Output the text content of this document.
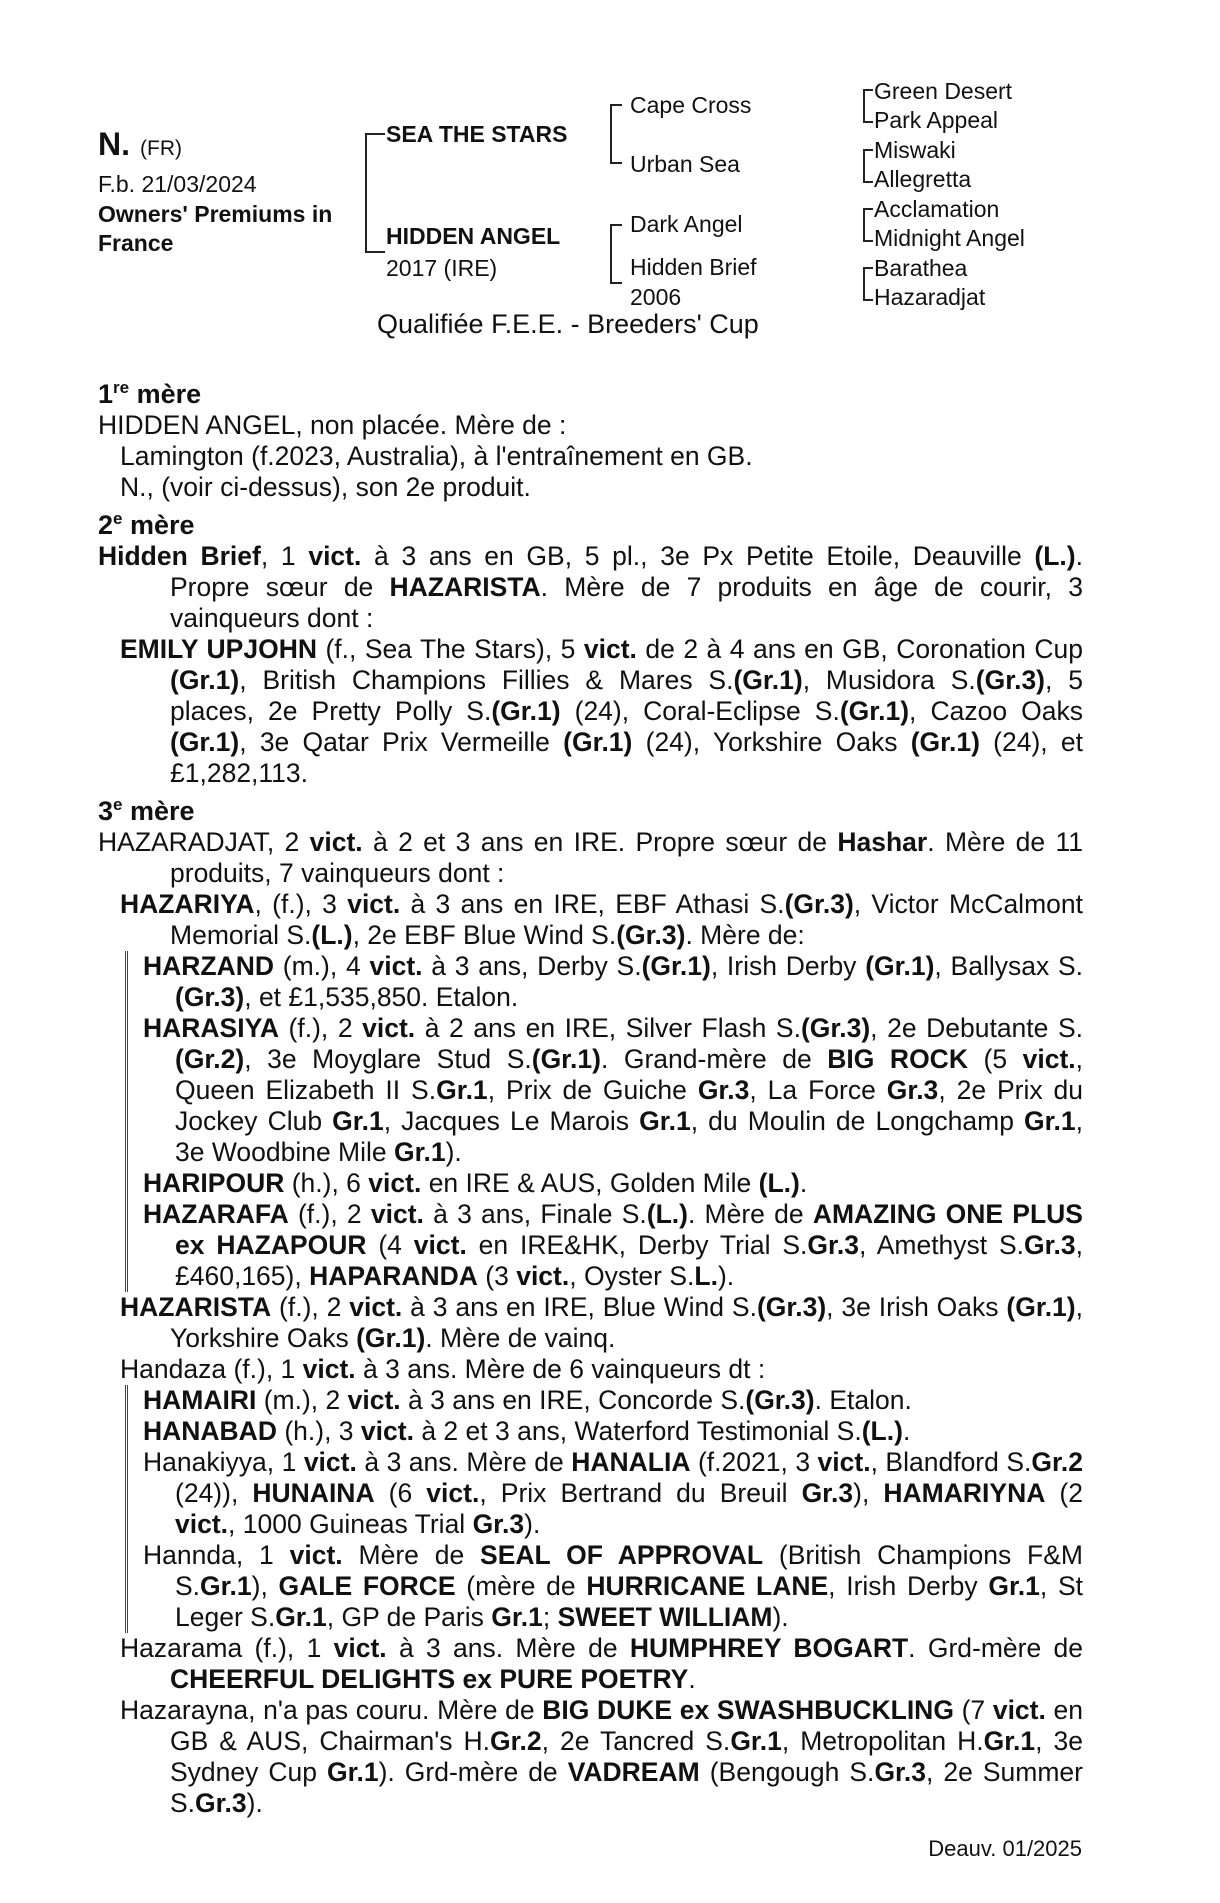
N. (FR)
F.b. 21/03/2024
Owners' Premiums in
France
SEA THE STARS
HIDDEN ANGEL
2017 (IRE)
Cape Cross
Urban Sea
Dark Angel
Hidden Brief
2006
Green Desert
Park Appeal
Miswaki
Allegretta
Acclamation
Midnight Angel
Barathea
Hazaradjat
Qualifiée F.E.E. - Breeders' Cup
1re mère
HIDDEN ANGEL, non placée. Mère de :
Lamington (f.2023, Australia), à l'entraînement en GB.
N., (voir ci-dessus), son 2e produit.
2e mère
Hidden Brief, 1 vict. à 3 ans en GB, 5 pl., 3e Px Petite Etoile, Deauville (L.). Propre sœur de HAZARISTA. Mère de 7 produits en âge de courir, 3 vainqueurs dont :
EMILY UPJOHN (f., Sea The Stars), 5 vict. de 2 à 4 ans en GB, Coronation Cup (Gr.1), British Champions Fillies & Mares S.(Gr.1), Musidora S.(Gr.3), 5 places, 2e Pretty Polly S.(Gr.1) (24), Coral-Eclipse S.(Gr.1), Cazoo Oaks (Gr.1), 3e Qatar Prix Vermeille (Gr.1) (24), Yorkshire Oaks (Gr.1) (24), et £1,282,113.
3e mère
HAZARADJAT, 2 vict. à 2 et 3 ans en IRE. Propre sœur de Hashar. Mère de 11 produits, 7 vainqueurs dont :
HAZARIYA, (f.), 3 vict. à 3 ans en IRE, EBF Athasi S.(Gr.3), Victor McCalmont Memorial S.(L.), 2e EBF Blue Wind S.(Gr.3). Mère de:
HARZAND (m.), 4 vict. à 3 ans, Derby S.(Gr.1), Irish Derby (Gr.1), Ballysax S.(Gr.3), et £1,535,850. Etalon.
HARASIYA (f.), 2 vict. à 2 ans en IRE, Silver Flash S.(Gr.3), 2e Debutante S.(Gr.2), 3e Moyglare Stud S.(Gr.1). Grand-mère de BIG ROCK (5 vict., Queen Elizabeth II S.Gr.1, Prix de Guiche Gr.3, La Force Gr.3, 2e Prix du Jockey Club Gr.1, Jacques Le Marois Gr.1, du Moulin de Longchamp Gr.1, 3e Woodbine Mile Gr.1).
HARIPOUR (h.), 6 vict. en IRE & AUS, Golden Mile (L.).
HAZARAFA (f.), 2 vict. à 3 ans, Finale S.(L.). Mère de AMAZING ONE PLUS ex HAZAPOUR (4 vict. en IRE&HK, Derby Trial S.Gr.3, Amethyst S.Gr.3, £460,165), HAPARANDA (3 vict., Oyster S.L.).
HAZARISTA (f.), 2 vict. à 3 ans en IRE, Blue Wind S.(Gr.3), 3e Irish Oaks (Gr.1), Yorkshire Oaks (Gr.1). Mère de vainq.
Handaza (f.), 1 vict. à 3 ans. Mère de 6 vainqueurs dt :
HAMAIRI (m.), 2 vict. à 3 ans en IRE, Concorde S.(Gr.3). Etalon.
HANABAD (h.), 3 vict. à 2 et 3 ans, Waterford Testimonial S.(L.).
Hanakiyya, 1 vict. à 3 ans. Mère de HANALIA (f.2021, 3 vict., Blandford S.Gr.2 (24)), HUNAINA (6 vict., Prix Bertrand du Breuil Gr.3), HAMARIYNA (2 vict., 1000 Guineas Trial Gr.3).
Hannda, 1 vict. Mère de SEAL OF APPROVAL (British Champions F&M S.Gr.1), GALE FORCE (mère de HURRICANE LANE, Irish Derby Gr.1, St Leger S.Gr.1, GP de Paris Gr.1; SWEET WILLIAM).
Hazarama (f.), 1 vict. à 3 ans. Mère de HUMPHREY BOGART. Grd-mère de CHEERFUL DELIGHTS ex PURE POETRY.
Hazarayna, n'a pas couru. Mère de BIG DUKE ex SWASHBUCKLING (7 vict. en GB & AUS, Chairman's H.Gr.2, 2e Tancred S.Gr.1, Metropolitan H.Gr.1, 3e Sydney Cup Gr.1). Grd-mère de VADREAM (Bengough S.Gr.3, 2e Summer S.Gr.3).
Deauv. 01/2025
